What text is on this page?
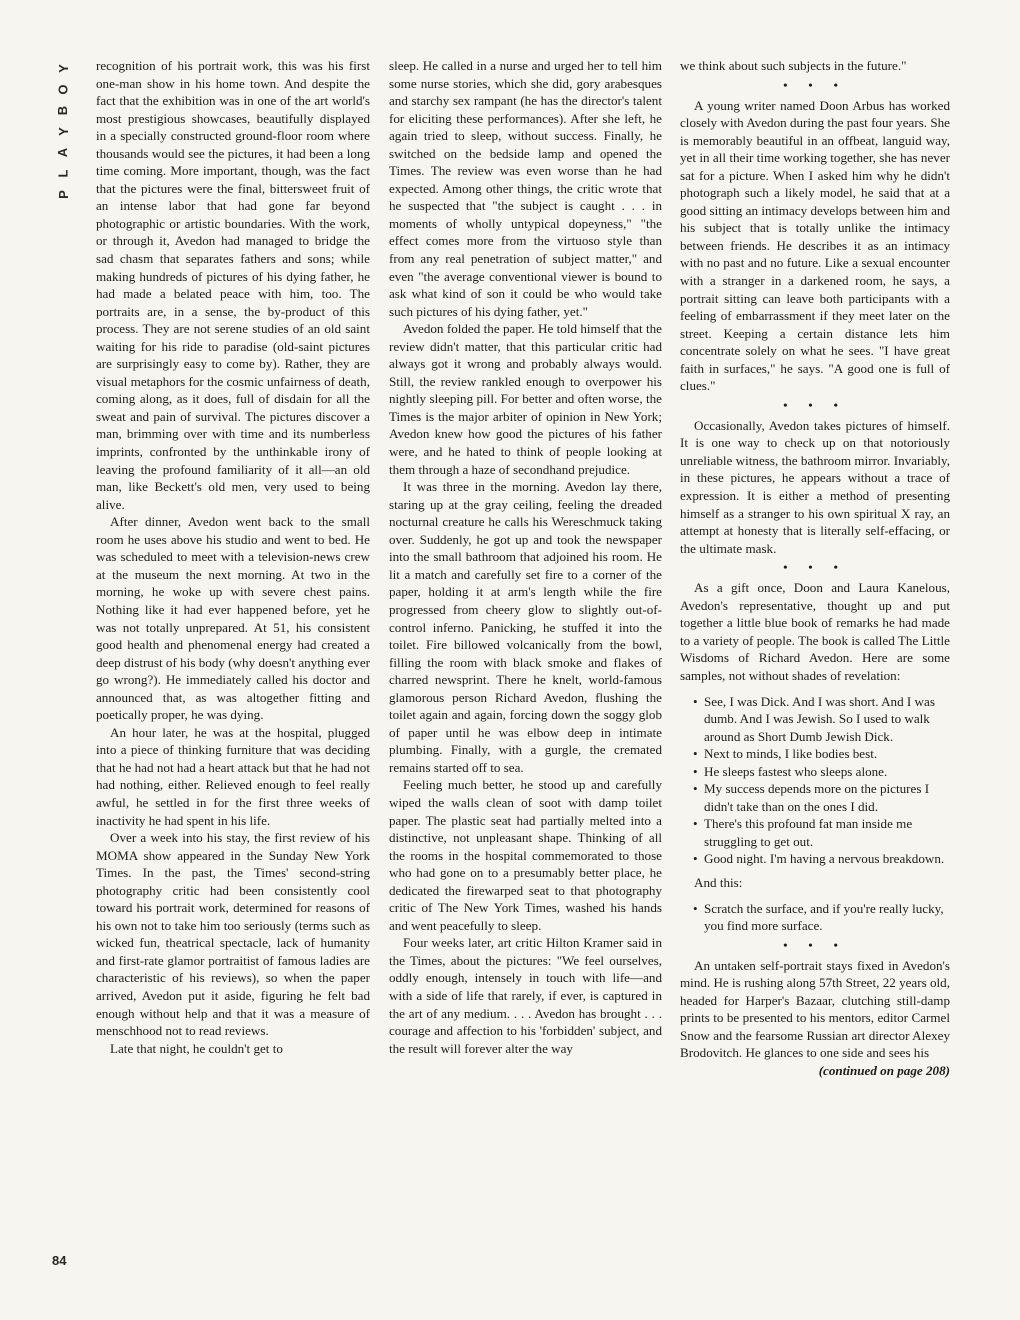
Y
O
B
Y
A
L
P
84

recognition of his portrait work, this was his first one-man show in his home town. And despite the fact that the exhibition was in one of the art world's most prestigious showcases, beautifully displayed in a specially constructed ground-floor room where thousands would see the pictures, it had been a long time coming. More important, though, was the fact that the pictures were the final, bittersweet fruit of an intense labor that had gone far beyond photographic or artistic boundaries. With the work, or through it, Avedon had managed to bridge the sad chasm that separates fathers and sons; while making hundreds of pictures of his dying father, he had made a belated peace with him, too. The portraits are, in a sense, the by-product of this process. They are not serene studies of an old saint waiting for his ride to paradise (old-saint pictures are surprisingly easy to come by). Rather, they are visual metaphors for the cosmic unfairness of death, coming along, as it does, full of disdain for all the sweat and pain of survival. The pictures discover a man, brimming over with time and its numberless imprints, confronted by the unthinkable irony of leaving the profound familiarity of it all—an old man, like Beckett's old men, very used to being alive.

After dinner, Avedon went back to the small room he uses above his studio and went to bed. He was scheduled to meet with a television-news crew at the museum the next morning. At two in the morning, he woke up with severe chest pains. Nothing like it had ever happened before, yet he was not totally unprepared. At 51, his consistent good health and phenomenal energy had created a deep distrust of his body (why doesn't anything ever go wrong?). He immediately called his doctor and announced that, as was altogether fitting and poetically proper, he was dying.

An hour later, he was at the hospital, plugged into a piece of thinking furniture that was deciding that he had not had a heart attack but that he had not had nothing, either. Relieved enough to feel really awful, he settled in for the first three weeks of inactivity he had spent in his life.

Over a week into his stay, the first review of his MOMA show appeared in the Sunday New York Times. In the past, the Times' second-string photography critic had been consistently cool toward his portrait work, determined for reasons of his own not to take him too seriously (terms such as wicked fun, theatrical spectacle, lack of humanity and first-rate glamor portraitist of famous ladies are characteristic of his reviews), so when the paper arrived, Avedon put it aside, figuring he felt bad enough without help and that it was a measure of menschhood not to read reviews.

Late that night, he couldn't get to

sleep. He called in a nurse and urged her to tell him some nurse stories, which she did, gory arabesques and starchy sex rampant (he has the director's talent for eliciting these performances). After she left, he again tried to sleep, without success. Finally, he switched on the bedside lamp and opened the Times. The review was even worse than he had expected. Among other things, the critic wrote that he suspected that "the subject is caught . . . in moments of wholly untypical dopeyness," "the effect comes more from the virtuoso style than from any real penetration of subject matter," and even "the average conventional viewer is bound to ask what kind of son it could be who would take such pictures of his dying father, yet."

Avedon folded the paper. He told himself that the review didn't matter, that this particular critic had always got it wrong and probably always would. Still, the review rankled enough to overpower his nightly sleeping pill. For better and often worse, the Times is the major arbiter of opinion in New York; Avedon knew how good the pictures of his father were, and he hated to think of people looking at them through a haze of secondhand prejudice.

It was three in the morning. Avedon lay there, staring up at the gray ceiling, feeling the dreaded nocturnal creature he calls his Wereschmuck taking over. Suddenly, he got up and took the newspaper into the small bathroom that adjoined his room. He lit a match and carefully set fire to a corner of the paper, holding it at arm's length while the fire progressed from cheery glow to slightly out-of-control inferno. Panicking, he stuffed it into the toilet. Fire billowed volcanically from the bowl, filling the room with black smoke and flakes of charred newsprint. There he knelt, world-famous glamorous person Richard Avedon, flushing the toilet again and again, forcing down the soggy glob of paper until he was elbow deep in intimate plumbing. Finally, with a gurgle, the cremated remains started off to sea.

Feeling much better, he stood up and carefully wiped the walls clean of soot with damp toilet paper. The plastic seat had partially melted into a distinctive, not unpleasant shape. Thinking of all the rooms in the hospital commemorated to those who had gone on to a presumably better place, he dedicated the firewarped seat to that photography critic of The New York Times, washed his hands and went peacefully to sleep.

Four weeks later, art critic Hilton Kramer said in the Times, about the pictures: "We feel ourselves, oddly enough, intensely in touch with life—and with a side of life that rarely, if ever, is captured in the art of any medium. . . . Avedon has brought . . . courage and affection to his 'forbidden' subject, and the result will forever alter the way

we think about such subjects in the future."

• • •

A young writer named Doon Arbus has worked closely with Avedon during the past four years. She is memorably beautiful in an offbeat, languid way, yet in all their time working together, she has never sat for a picture. When I asked him why he didn't photograph such a likely model, he said that at a good sitting an intimacy develops between him and his subject that is totally unlike the intimacy between friends. He describes it as an intimacy with no past and no future. Like a sexual encounter with a stranger in a darkened room, he says, a portrait sitting can leave both participants with a feeling of embarrassment if they meet later on the street. Keeping a certain distance lets him concentrate solely on what he sees. "I have great faith in surfaces," he says. "A good one is full of clues."

• • •

Occasionally, Avedon takes pictures of himself. It is one way to check up on that notoriously unreliable witness, the bathroom mirror. Invariably, in these pictures, he appears without a trace of expression. It is either a method of presenting himself as a stranger to his own spiritual X ray, an attempt at honesty that is literally self-effacing, or the ultimate mask.

• • •

As a gift once, Doon and Laura Kanelous, Avedon's representative, thought up and put together a little blue book of remarks he had made to a variety of people. The book is called The Little Wisdoms of Richard Avedon. Here are some samples, not without shades of revelation:

• See, I was Dick. And I was short. And I was dumb. And I was Jewish. So I used to walk around as Short Dumb Jewish Dick.
• Next to minds, I like bodies best.
• He sleeps fastest who sleeps alone.
• My success depends more on the pictures I didn't take than on the ones I did.
• There's this profound fat man inside me struggling to get out.
• Good night. I'm having a nervous breakdown.
And this:
• Scratch the surface, and if you're really lucky, you find more surface.
• • •

An untaken self-portrait stays fixed in Avedon's mind. He is rushing along 57th Street, 22 years old, headed for Harper's Bazaar, clutching still-damp prints to be presented to his mentors, editor Carmel Snow and the fearsome Russian art director Alexey Brodovitch. He glances to one side and sees his

(continued on page 208)
